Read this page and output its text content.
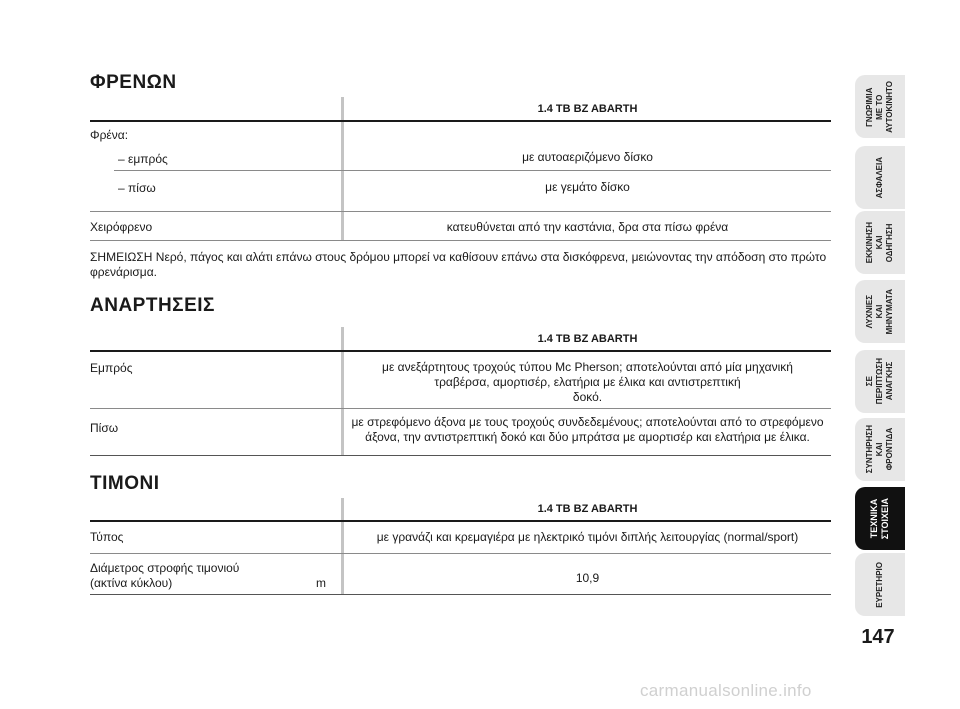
ΦΡΕΝΩΝ
1.4 TB BZ ABARTH
Φρένα:
– εμπρός	με αυτοαεριζόμενο δίσκο
– πίσω	με γεμάτο δίσκο
Χειρόφρενο	κατευθύνεται από την καστάνια, δρα στα πίσω φρένα
ΣΗΜΕΙΩΣΗ Νερό, πάγος και αλάτι επάνω στους δρόμου μπορεί να καθίσουν επάνω στα δισκόφρενα, μειώνοντας την απόδοση στο πρώτο φρενάρισμα.
ΑΝΑΡΤΗΣΕΙΣ
1.4 TB BZ ABARTH
Εμπρός	με ανεξάρτητους τροχούς τύπου Mc Pherson; αποτελούνται από μία μηχανική
τραβέρσα, αμορτισέρ, ελατήρια με έλικα και αντιστρεπτική
δοκό.
Πίσω	με στρεφόμενο άξονα με τους τροχούς συνδεδεμένους; αποτελούνται από το στρεφόμενο
άξονα, την αντιστρεπτική δοκό και δύο μπράτσα με αμορτισέρ και ελατήρια με έλικα.
ΤΙΜΟΝΙ
1.4 TB BZ ABARTH
Τύπος	με γρανάζι και κρεμαγιέρα με ηλεκτρικό τιμόνι διπλής λειτουργίας (normal/sport)
Διάμετρος στροφής τιμονιού
(ακτίνα κύκλου)	m	10,9
ΓΝΩΡΙΜΙΑ
ΜΕ ΤΟ
ΑΥΤΟΚΙΝΗΤΟ
ΑΣΦΑΛΕΙΑ
ΕΚΚΙΝΗΣΗ
ΚΑΙ
ΟΔΗΓΗΣΗ
ΛΥΧΝΙΕΣ
ΚΑΙ
ΜΗΝΥΜΑΤΑ
ΣΕ
ΠΕΡΙΠΤΩΣΗ
ΑΝΑΓΚΗΣ
ΣΥΝΤΗΡΗΣΗ
ΚΑΙ
ΦΡΟΝΤΙΔΑ
ΤΕΧΝΙΚΑ
ΣΤΟΙΧΕΙΑ
ΕΥΡΕΤΗΡΙΟ
147
carmanualsonline.info
